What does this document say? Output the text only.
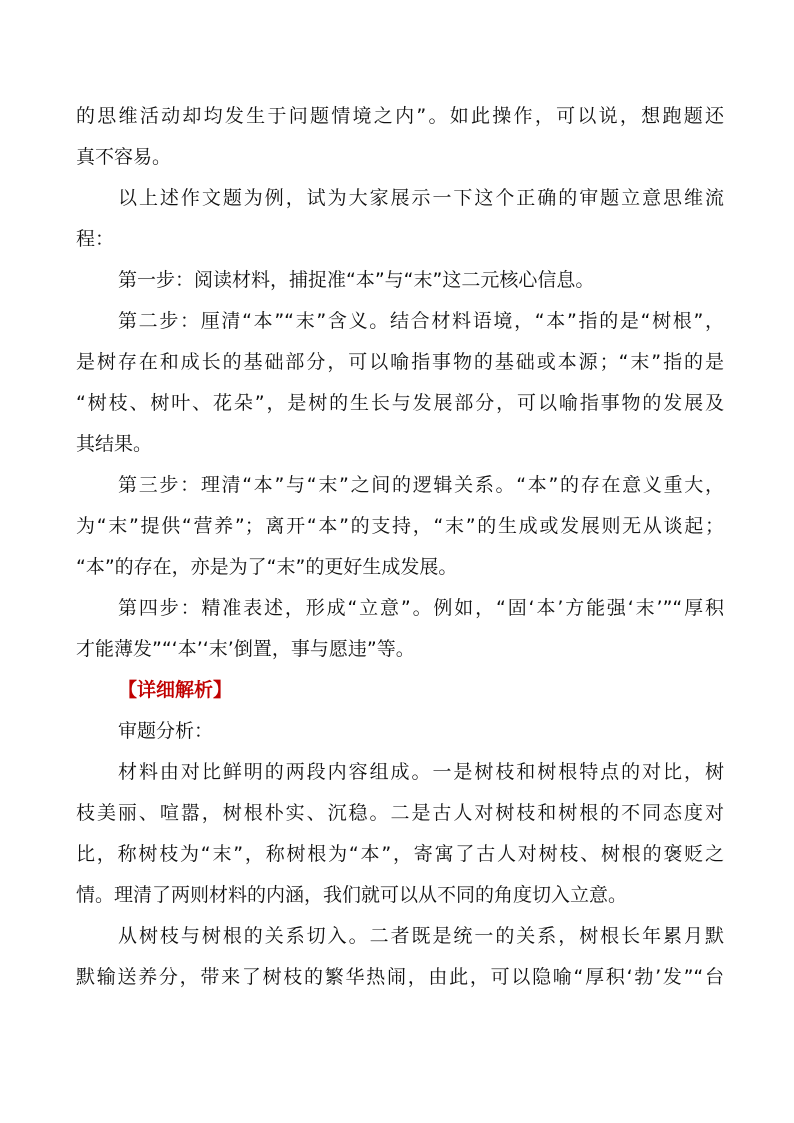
的思维活动却均发生于问题情境之内”。如此操作，可以说，想跑题还
真不容易。
以上述作文题为例，试为大家展示一下这个正确的审题立意思维流
程：
第一步：阅读材料，捕捉准“本”与“末”这二元核心信息。
第二步：厘清“本”“末”含义。结合材料语境，“本”指的是“树根”，
是树存在和成长的基础部分，可以喻指事物的基础或本源；“末”指的是
“树枝、树叶、花朵”，是树的生长与发展部分，可以喻指事物的发展及
其结果。
第三步：理清“本”与“末”之间的逻辑关系。“本”的存在意义重大，
为“末”提供“营养”；离开“本”的支持，“末”的生成或发展则无从谈起；
“本”的存在，亦是为了“末”的更好生成发展。
第四步：精准表述，形成“立意”。例如，“固‘本’方能强‘末’”“厚积
才能薄发”“‘本’‘末’倒置，事与愿违”等。
【详细解析】
审题分析：
材料由对比鲜明的两段内容组成。一是树枝和树根特点的对比，树
枝美丽、喧嚣，树根朴实、沉稳。二是古人对树枝和树根的不同态度对
比，称树枝为“末”，称树根为“本”，寄寓了古人对树枝、树根的褒贬之
情。理清了两则材料的内涵，我们就可以从不同的角度切入立意。
从树枝与树根的关系切入。二者既是统一的关系，树根长年累月默
默输送养分，带来了树枝的繁华热闹，由此，可以隐喻“厚积‘勃’发”“台
